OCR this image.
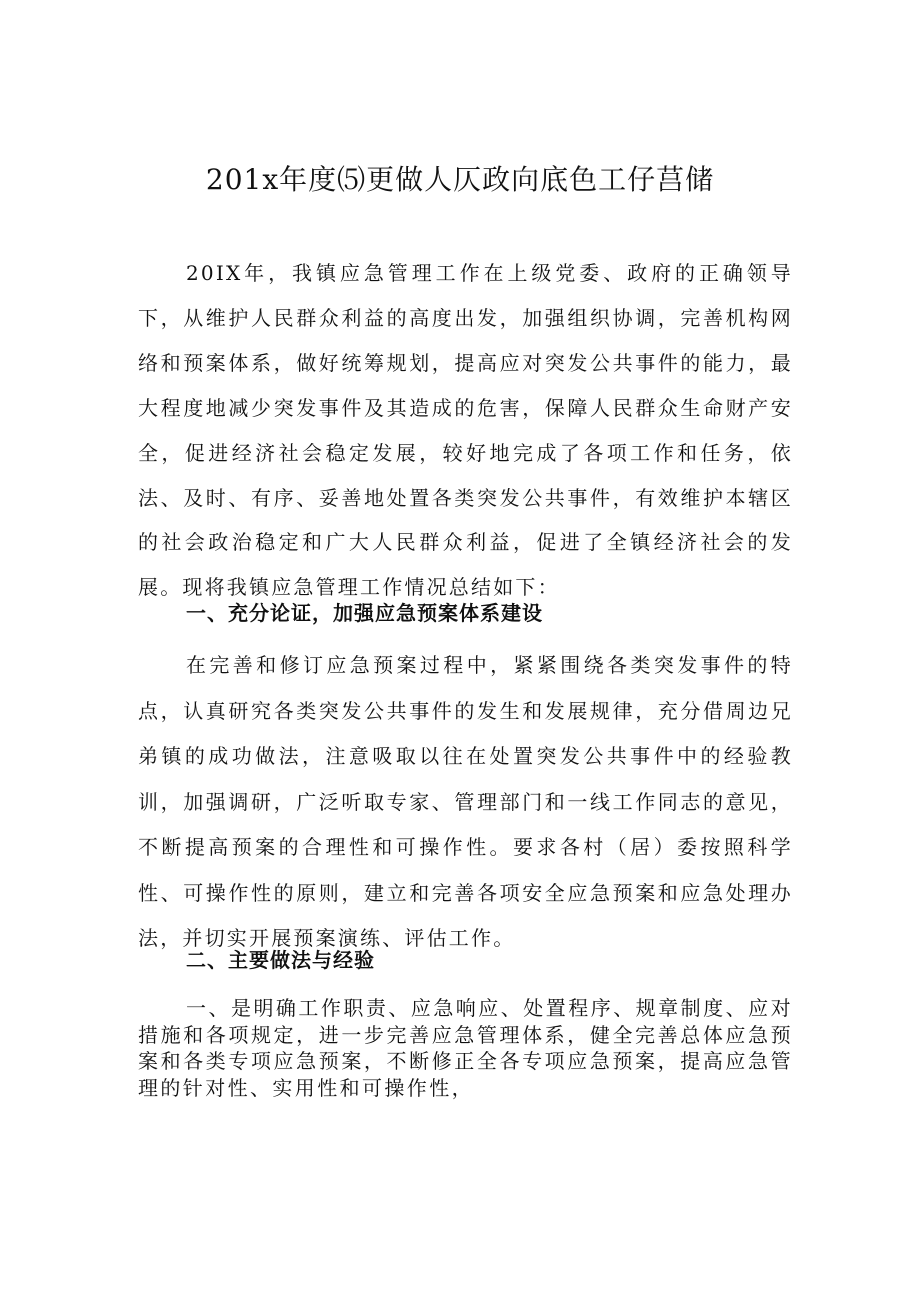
201x年度⑸更做人仄政向底色工仔莒储

20IX年，我镇应急管理工作在上级党委、政府的正确领导下，从维护人民群众利益的高度出发，加强组织协调，完善机构网络和预案体系，做好统筹规划，提高应对突发公共事件的能力，最大程度地减少突发事件及其造成的危害，保障人民群众生命财产安全，促进经济社会稳定发展，较好地完成了各项工作和任务，依法、及时、有序、妥善地处置各类突发公共事件，有效维护本辖区的社会政治稳定和广大人民群众利益，促进了全镇经济社会的发展。现将我镇应急管理工作情况总结如下：

一、充分论证，加强应急预案体系建设

在完善和修订应急预案过程中，紧紧围绕各类突发事件的特点，认真研究各类突发公共事件的发生和发展规律，充分借周边兄弟镇的成功做法，注意吸取以往在处置突发公共事件中的经验教训，加强调研，广泛听取专家、管理部门和一线工作同志的意见，不断提高预案的合理性和可操作性。要求各村（居）委按照科学性、可操作性的原则，建立和完善各项安全应急预案和应急处理办法，并切实开展预案演练、评估工作。

二、主要做法与经验

一、是明确工作职责、应急响应、处置程序、规章制度、应对措施和各项规定，进一步完善应急管理体系，健全完善总体应急预案和各类专项应急预案，不断修正全各专项应急预案，提高应急管理的针对性、实用性和可操作性，
